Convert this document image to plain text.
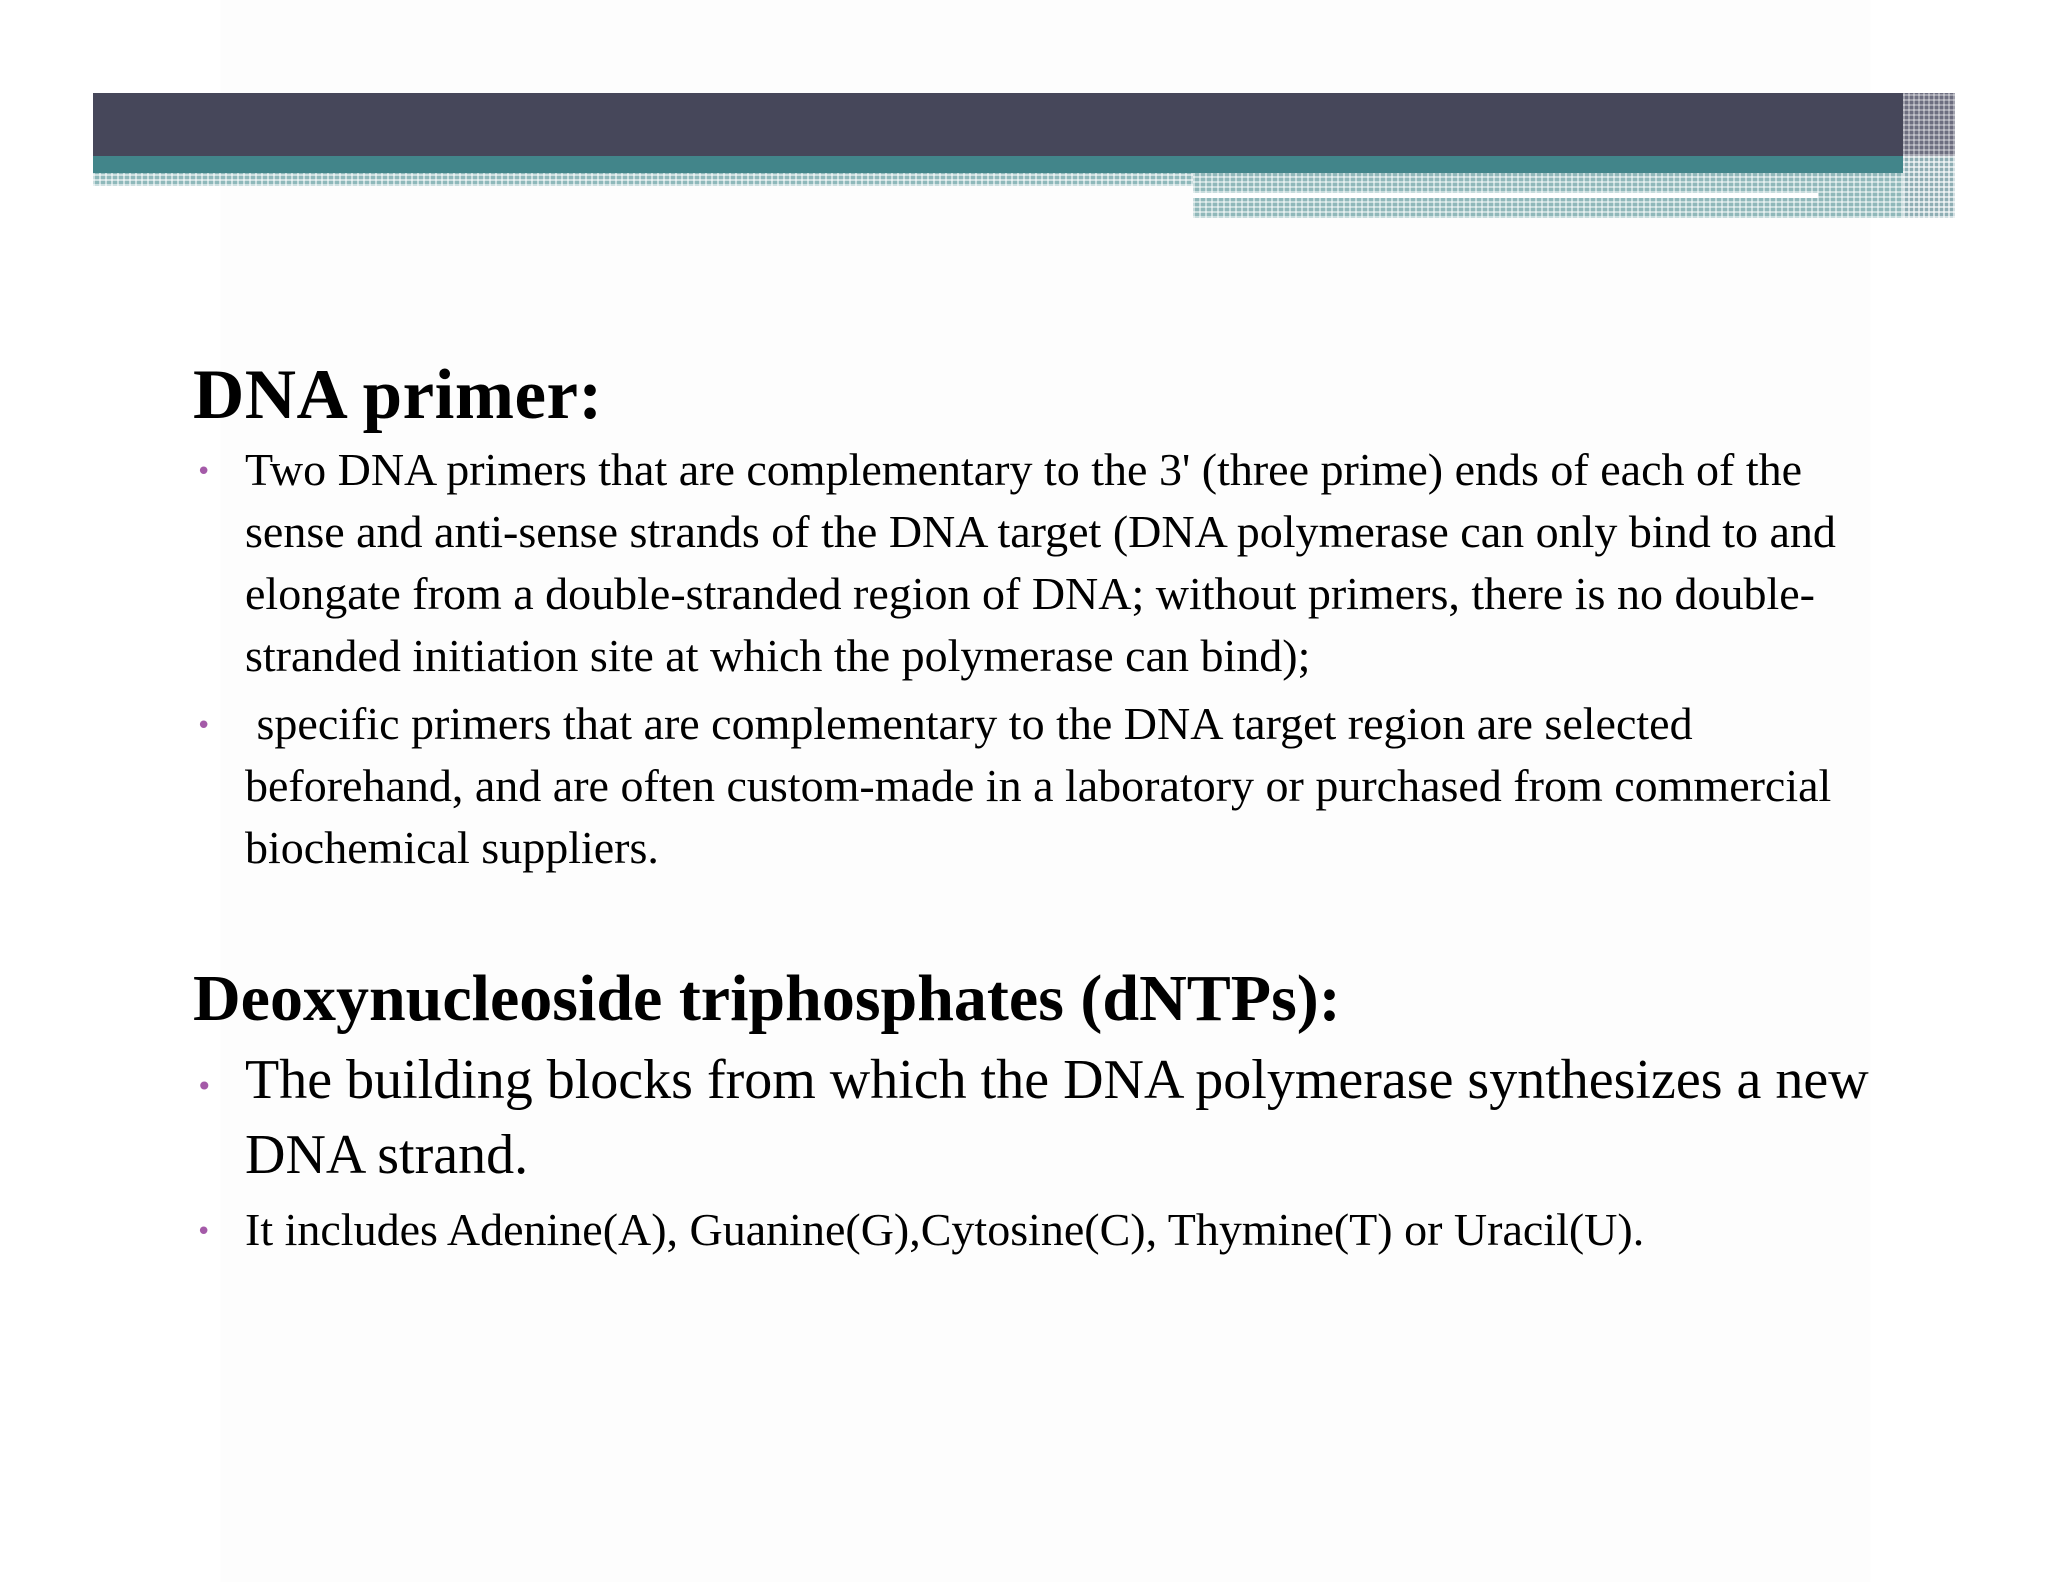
DNA primer:
• Two DNA primers that are complementary to the 3' (three prime) ends of each of the sense and anti-sense strands of the DNA target (DNA polymerase can only bind to and elongate from a double-stranded region of DNA; without primers, there is no double-stranded initiation site at which the polymerase can bind);
• specific primers that are complementary to the DNA target region are selected beforehand, and are often custom-made in a laboratory or purchased from commercial biochemical suppliers.
Deoxynucleoside triphosphates (dNTPs):
• The building blocks from which the DNA polymerase synthesizes a new DNA strand.
• It includes Adenine(A), Guanine(G),Cytosine(C), Thymine(T) or Uracil(U).
